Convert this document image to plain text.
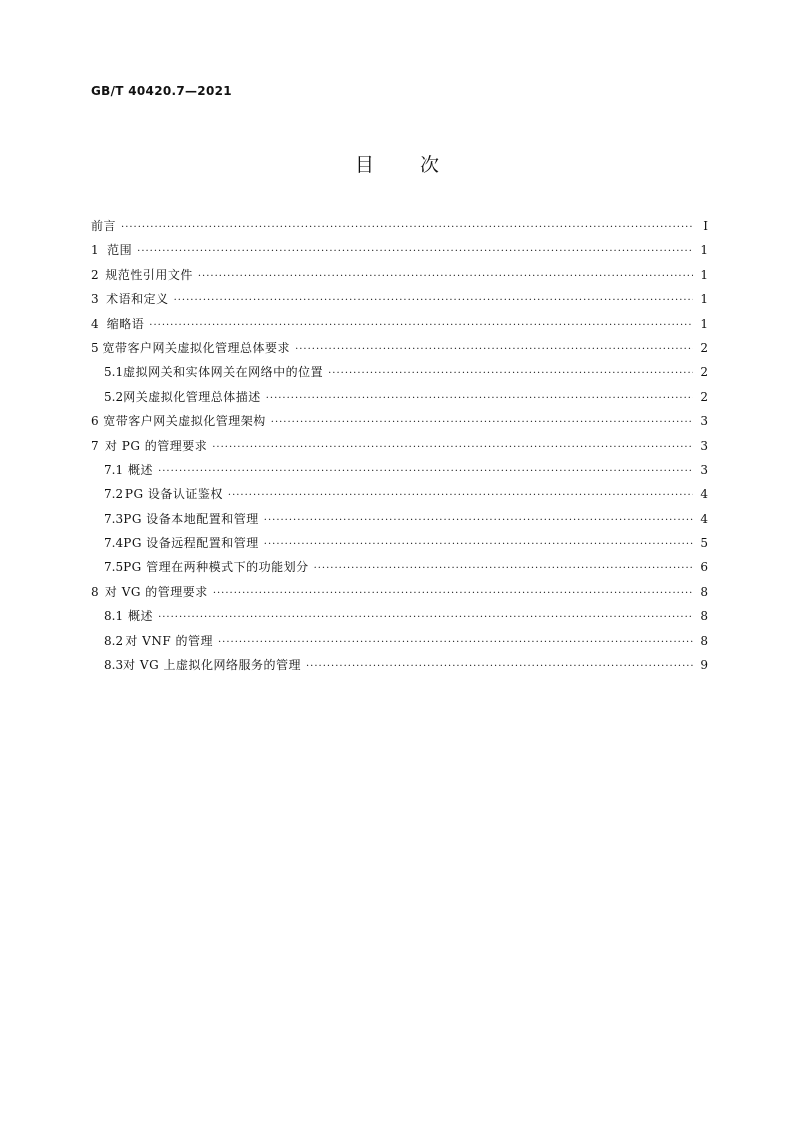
GB/T 40420.7—2021
目 次
前言 ·····	Ⅰ
1 范围 ·····	1
2 规范性引用文件 ·····	1
3 术语和定义 ·····	1
4 缩略语 ·····	1
5 宽带客户网关虚拟化管理总体要求 ·····	2
5.1 虚拟网关和实体网关在网络中的位置 ·····	2
5.2 网关虚拟化管理总体描述 ·····	2
6 宽带客户网关虚拟化管理架构 ·····	3
7 对 PG 的管理要求 ·····	3
7.1 概述 ·····	3
7.2 PG 设备认证鉴权 ·····	4
7.3 PG 设备本地配置和管理 ·····	4
7.4 PG 设备远程配置和管理 ·····	5
7.5 PG 管理在两种模式下的功能划分 ·····	6
8 对 VG 的管理要求 ·····	8
8.1 概述 ·····	8
8.2 对 VNF 的管理 ·····	8
8.3 对 VG 上虚拟化网络服务的管理 ·····	9
